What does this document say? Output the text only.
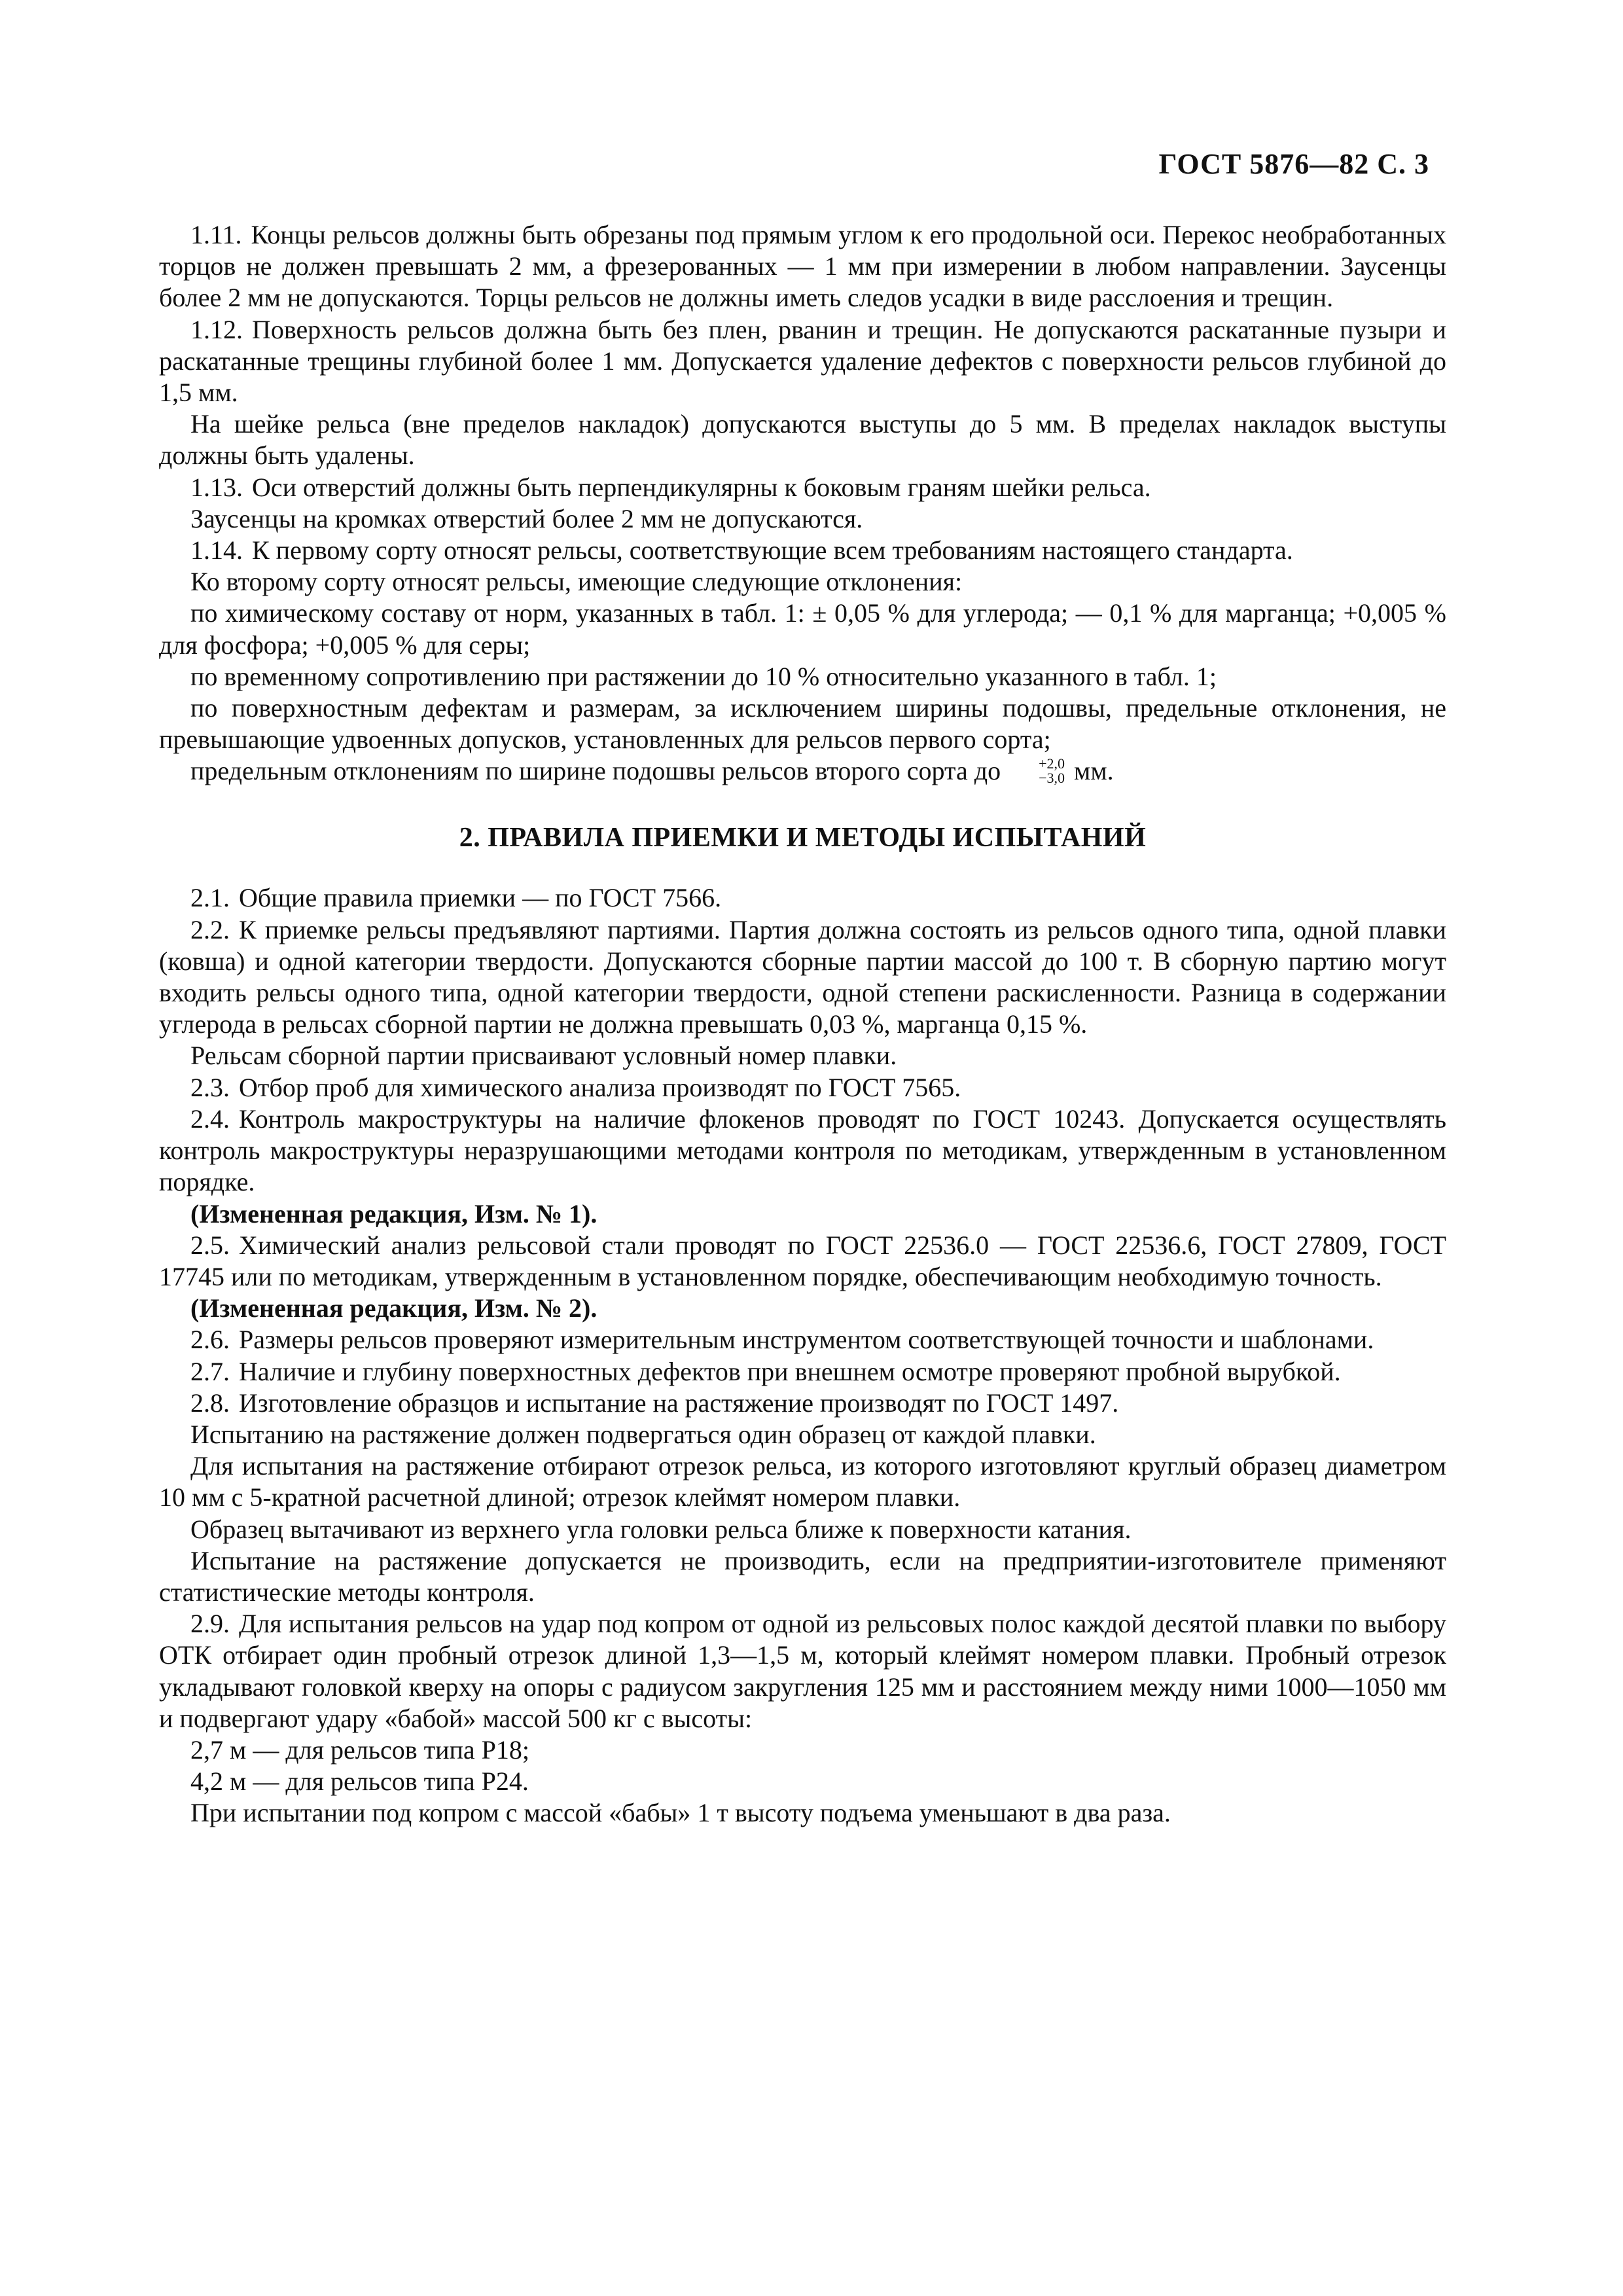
ГОСТ 5876—82 С. 3

1.11. Концы рельсов должны быть обрезаны под прямым углом к его продольной оси. Перекос необработанных торцов не должен превышать 2 мм, а фрезерованных — 1 мм при измерении в любом направлении. Заусенцы более 2 мм не допускаются. Торцы рельсов не должны иметь следов усадки в виде расслоения и трещин.

1.12. Поверхность рельсов должна быть без плен, рванин и трещин. Не допускаются раскатанные пузыри и раскатанные трещины глубиной более 1 мм. Допускается удаление дефектов с поверхности рельсов глубиной до 1,5 мм.

На шейке рельса (вне пределов накладок) допускаются выступы до 5 мм. В пределах накладок выступы должны быть удалены.

1.13. Оси отверстий должны быть перпендикулярны к боковым граням шейки рельса.

Заусенцы на кромках отверстий более 2 мм не допускаются.

1.14. К первому сорту относят рельсы, соответствующие всем требованиям настоящего стандарта.

Ко второму сорту относят рельсы, имеющие следующие отклонения:

по химическому составу от норм, указанных в табл. 1: ± 0,05 % для углерода; — 0,1 % для марганца; +0,005 % для фосфора; +0,005 % для серы;

по временному сопротивлению при растяжении до 10 % относительно указанного в табл. 1;

по поверхностным дефектам и размерам, за исключением ширины подошвы, предельные отклонения, не превышающие удвоенных допусков, установленных для рельсов первого сорта;

предельным отклонениям по ширине подошвы рельсов второго сорта до	+2,0
−3,0 мм.

2. ПРАВИЛА ПРИЕМКИ И МЕТОДЫ ИСПЫТАНИЙ

2.1. Общие правила приемки — по ГОСТ 7566.

2.2. К приемке рельсы предъявляют партиями. Партия должна состоять из рельсов одного типа, одной плавки (ковша) и одной категории твердости. Допускаются сборные партии массой до 100 т. В сборную партию могут входить рельсы одного типа, одной категории твердости, одной степени раскисленности. Разница в содержании углерода в рельсах сборной партии не должна превышать 0,03 %, марганца 0,15 %.

Рельсам сборной партии присваивают условный номер плавки.

2.3. Отбор проб для химического анализа производят по ГОСТ 7565.

2.4. Контроль макроструктуры на наличие флокенов проводят по ГОСТ 10243. Допускается осуществлять контроль макроструктуры неразрушающими методами контроля по методикам, утвержденным в установленном порядке.

(Измененная редакция, Изм. № 1).

2.5. Химический анализ рельсовой стали проводят по ГОСТ 22536.0 — ГОСТ 22536.6, ГОСТ 27809, ГОСТ 17745 или по методикам, утвержденным в установленном порядке, обеспечивающим необходимую точность.

(Измененная редакция, Изм. № 2).

2.6. Размеры рельсов проверяют измерительным инструментом соответствующей точности и шаблонами.

2.7. Наличие и глубину поверхностных дефектов при внешнем осмотре проверяют пробной вырубкой.

2.8. Изготовление образцов и испытание на растяжение производят по ГОСТ 1497.

Испытанию на растяжение должен подвергаться один образец от каждой плавки.

Для испытания на растяжение отбирают отрезок рельса, из которого изготовляют круглый образец диаметром 10 мм с 5-кратной расчетной длиной; отрезок клеймят номером плавки.

Образец вытачивают из верхнего угла головки рельса ближе к поверхности катания.

Испытание на растяжение допускается не производить, если на предприятии-изготовителе применяют статистические методы контроля.

2.9. Для испытания рельсов на удар под копром от одной из рельсовых полос каждой десятой плавки по выбору ОТК отбирает один пробный отрезок длиной 1,3—1,5 м, который клеймят номером плавки. Пробный отрезок укладывают головкой кверху на опоры с радиусом закругления 125 мм и расстоянием между ними 1000—1050 мм и подвергают удару «бабой» массой 500 кг с высоты:

2,7 м — для рельсов типа Р18;

4,2 м — для рельсов типа Р24.

При испытании под копром с массой «бабы» 1 т высоту подъема уменьшают в два раза.
